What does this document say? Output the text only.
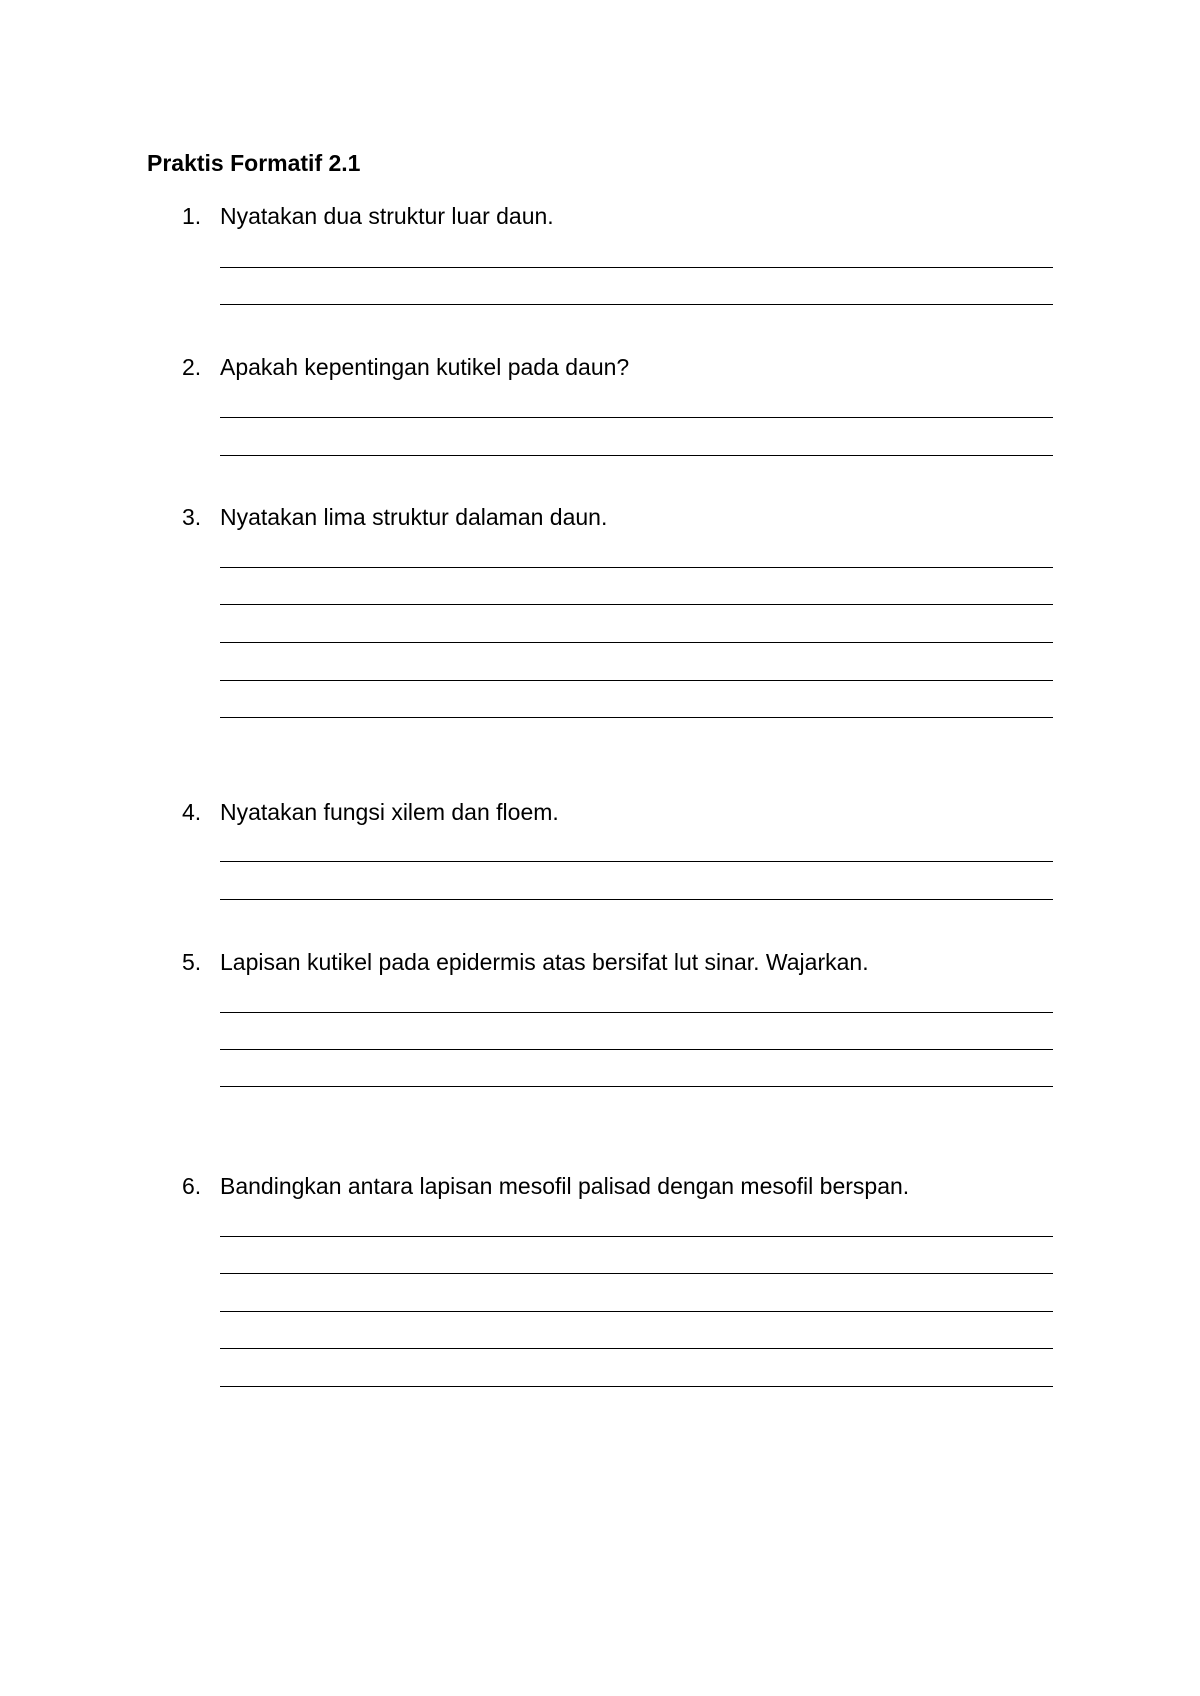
Praktis Formatif 2.1
1. Nyatakan dua struktur luar daun.
2. Apakah kepentingan kutikel pada daun?
3. Nyatakan lima struktur dalaman daun.
4. Nyatakan fungsi xilem dan floem.
5. Lapisan kutikel pada epidermis atas bersifat lut sinar. Wajarkan.
6. Bandingkan antara lapisan mesofil palisad dengan mesofil berspan.
